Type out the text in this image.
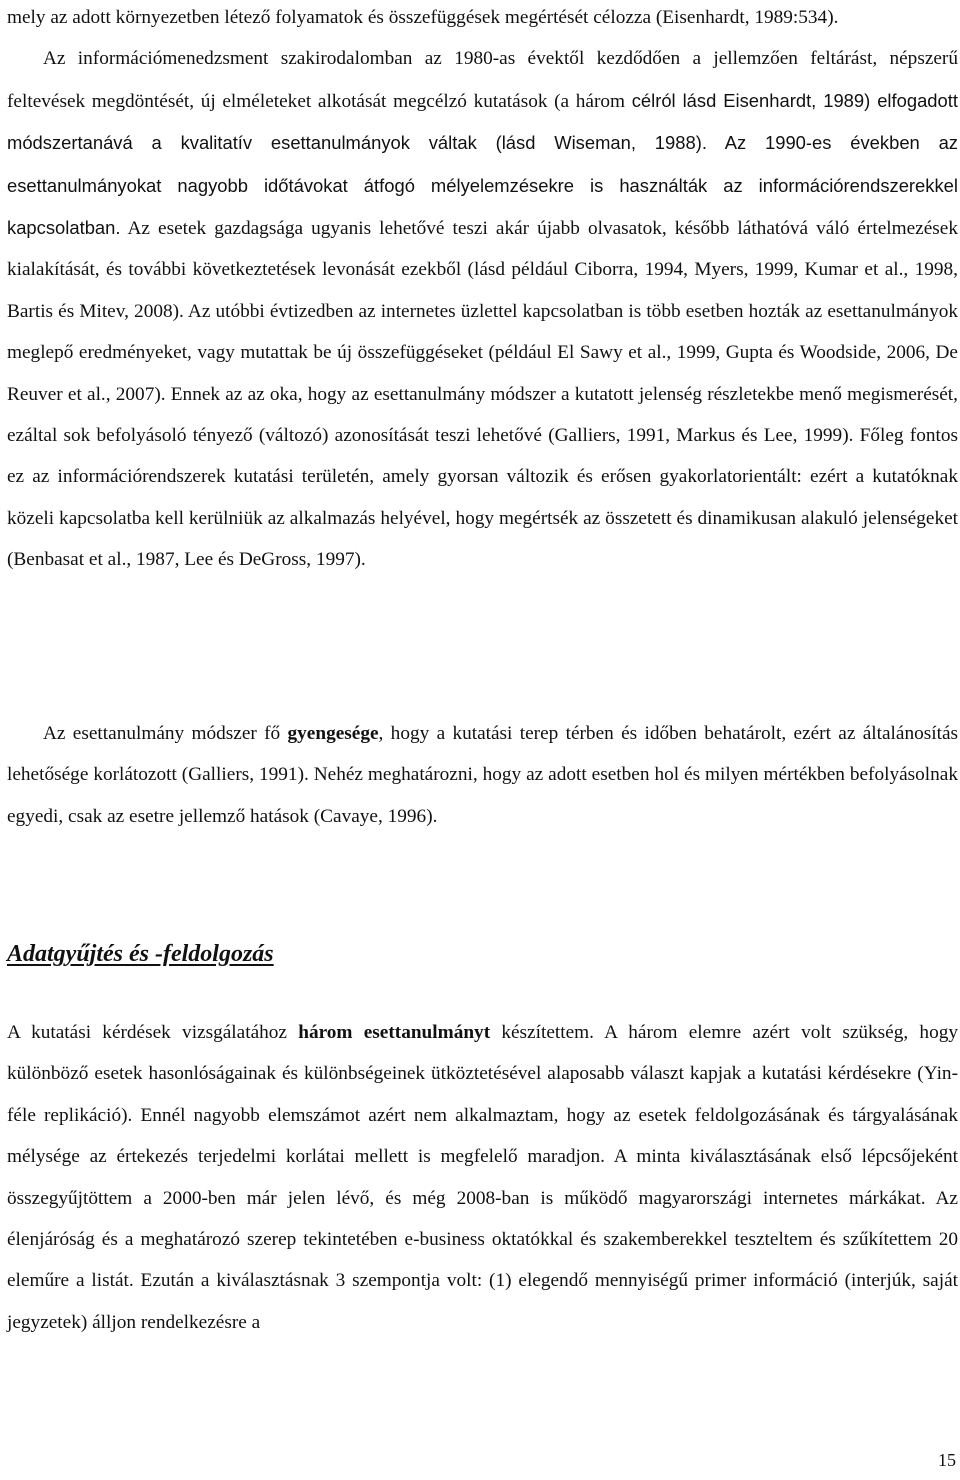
mely az adott környezetben létező folyamatok és összefüggések megértését célozza (Eisenhardt, 1989:534).
Az információmenedzsment szakirodalomban az 1980-as évektől kezdődően a jellemzően feltárást, népszerű feltevések megdöntését, új elméleteket alkotását megcélzó kutatások (a három célról lásd Eisenhardt, 1989) elfogadott módszertanává a kvalitatív esettanulmányok váltak (lásd Wiseman, 1988). Az 1990-es években az esettanulmányokat nagyobb időtávokat átfogó mélyelemzésekre is használták az információrendszerekkel kapcsolatban. Az esetek gazdagsága ugyanis lehetővé teszi akár újabb olvasatok, később láthatóvá váló értelmezések kialakítását, és további következtetések levonását ezekből (lásd például Ciborra, 1994, Myers, 1999, Kumar et al., 1998, Bartis és Mitev, 2008). Az utóbbi évtizedben az internetes üzlettel kapcsolatban is több esetben hozták az esettanulmányok meglepő eredményeket, vagy mutattak be új összefüggéseket (például El Sawy et al., 1999, Gupta és Woodside, 2006, De Reuver et al., 2007). Ennek az az oka, hogy az esettanulmány módszer a kutatott jelenség részletekbe menő megismerését, ezáltal sok befolyásoló tényező (változó) azonosítását teszi lehetővé (Galliers, 1991, Markus és Lee, 1999). Főleg fontos ez az információrendszerek kutatási területén, amely gyorsan változik és erősen gyakorlatorientált: ezért a kutatóknak közeli kapcsolatba kell kerülniük az alkalmazás helyével, hogy megértsék az összetett és dinamikusan alakuló jelenségeket (Benbasat et al., 1987, Lee és DeGross, 1997).

Az esettanulmány módszer fő gyengesége, hogy a kutatási terep térben és időben behatárolt, ezért az általánosítás lehetősége korlátozott (Galliers, 1991). Nehéz meghatározni, hogy az adott esetben hol és milyen mértékben befolyásolnak egyedi, csak az esetre jellemző hatások (Cavaye, 1996).

Adatgyűjtés és -feldolgozás

A kutatási kérdések vizsgálatához három esettanulmányt készítettem. A három elemre azért volt szükség, hogy különböző esetek hasonlóságainak és különbségeinek ütköztetésével alaposabb választ kapjak a kutatási kérdésekre (Yin-féle replikáció). Ennél nagyobb elemszámot azért nem alkalmaztam, hogy az esetek feldolgozásának és tárgyalásának mélysége az értekezés terjedelmi korlátai mellett is megfelelő maradjon. A minta kiválasztásának első lépcsőjeként összegyűjtöttem a 2000-ben már jelen lévő, és még 2008-ban is működő magyarországi internetes márkákat. Az élenjáróság és a meghatározó szerep tekintetében e-business oktatókkal és szakemberekkel teszteltem és szűkítettem 20 eleműre a listát. Ezután a kiválasztásnak 3 szempontja volt: (1) elegendő mennyiségű primer információ (interjúk, saját jegyzetek) álljon rendelkezésre a

15
